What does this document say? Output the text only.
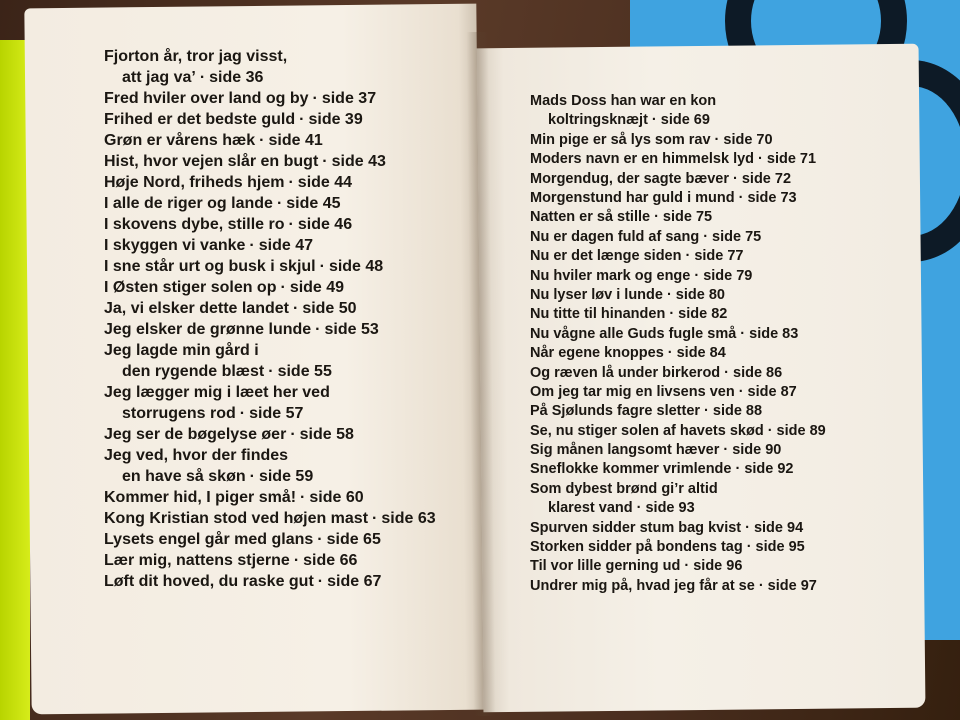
Fjorton år, tror jag visst,
att jag va’ · side 36
Fred hviler over land og by · side 37
Frihed er det bedste guld · side 39
Grøn er vårens hæk · side 41
Hist, hvor vejen slår en bugt · side 43
Høje Nord, friheds hjem · side 44
I alle de riger og lande · side 45
I skovens dybe, stille ro · side 46
I skyggen vi vanke · side 47
I sne står urt og busk i skjul · side 48
I Østen stiger solen op · side 49
Ja, vi elsker dette landet · side 50
Jeg elsker de grønne lunde · side 53
Jeg lagde min gård i
den rygende blæst · side 55
Jeg lægger mig i læet her ved
storrugens rod · side 57
Jeg ser de bøgelyse øer · side 58
Jeg ved, hvor der findes
en have så skøn · side 59
Kommer hid, I piger små! · side 60
Kong Kristian stod ved højen mast · side 63
Lysets engel går med glans · side 65
Lær mig, nattens stjerne · side 66
Løft dit hoved, du raske gut · side 67
Mads Doss han war en kon
koltringsknæjt · side 69
Min pige er så lys som rav · side 70
Moders navn er en himmelsk lyd · side 71
Morgendug, der sagte bæver · side 72
Morgenstund har guld i mund · side 73
Natten er så stille · side 75
Nu er dagen fuld af sang · side 75
Nu er det længe siden · side 77
Nu hviler mark og enge · side 79
Nu lyser løv i lunde · side 80
Nu titte til hinanden · side 82
Nu vågne alle Guds fugle små · side 83
Når egene knoppes · side 84
Og ræven lå under birkerod · side 86
Om jeg tar mig en livsens ven · side 87
På Sjølunds fagre sletter · side 88
Se, nu stiger solen af havets skød · side 89
Sig månen langsomt hæver · side 90
Sneflokke kommer vrimlende · side 92
Som dybest brønd gi’r altid
klarest vand · side 93
Spurven sidder stum bag kvist · side 94
Storken sidder på bondens tag · side 95
Til vor lille gerning ud · side 96
Undrer mig på, hvad jeg får at se · side 97
